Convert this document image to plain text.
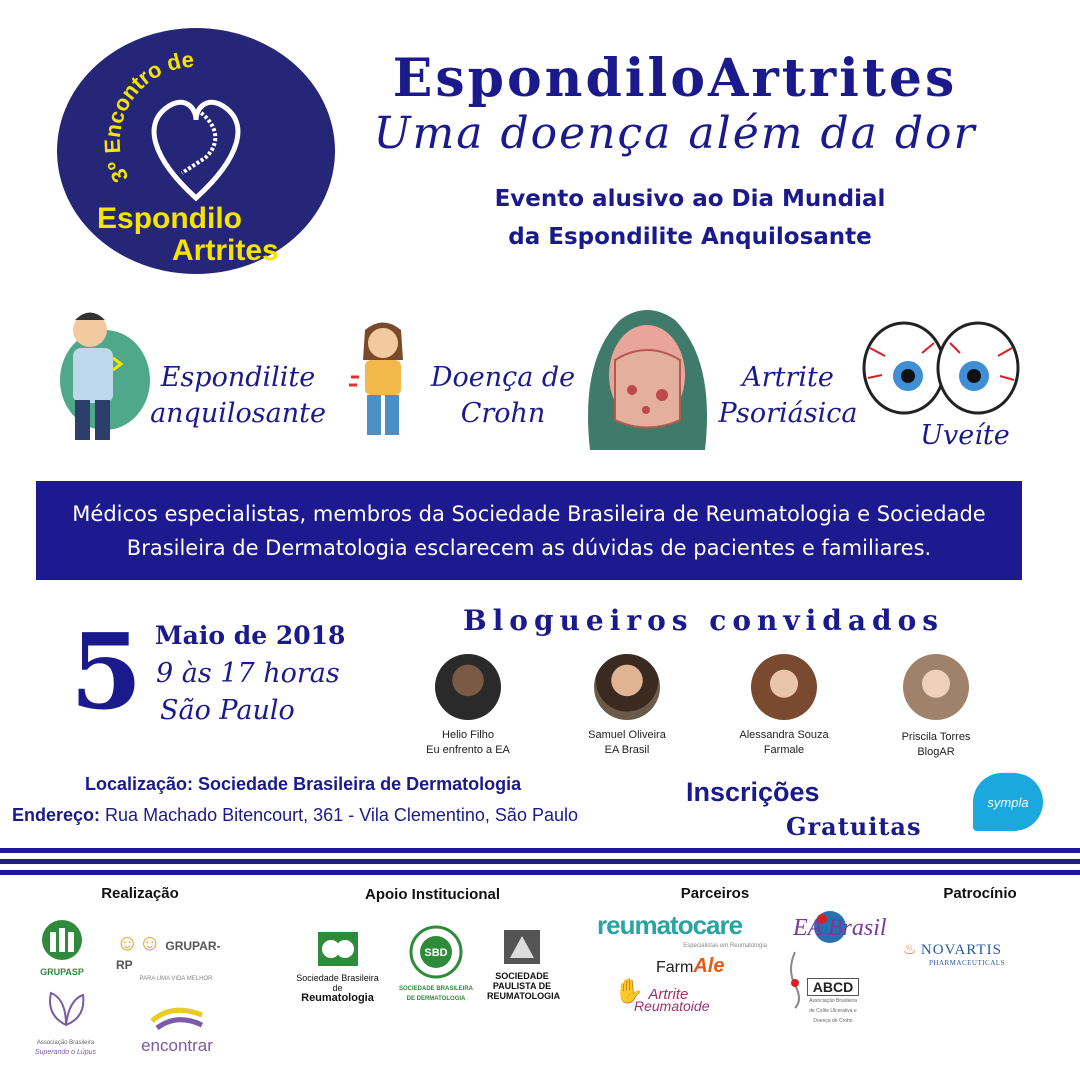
3º Encontro de
Espondilo
Artrites
EspondiloArtrites
Uma doença além da dor
Evento alusivo ao Dia Mundial
da Espondilite Anquilosante
Espondilite
anquilosante
Doença de
Crohn
Artrite
Psoriásica
Uveíte
Médicos especialistas, membros da Sociedade Brasileira de Reumatologia e Sociedade
Brasileira de Dermatologia esclarecem as dúvidas de pacientes e familiares.
5 Maio de 2018
9 às 17 horas
São Paulo
Blogueiros convidados
Helio Filho
Eu enfrento a EA
Samuel Oliveira
EA Brasil
Alessandra Souza
Farmale
Priscila Torres
BlogAR
Localização: Sociedade Brasileira de Dermatologia
Endereço: Rua Machado Bitencourt, 361 - Vila Clementino, São Paulo
Inscrições
Gratuitas
sympla
Realização	Apoio Institucional	Parceiros	Patrocínio
GRUPASP
☺☺ GRUPAR-RP
PARA UMA VIDA MELHOR
Associação Brasileira
Superando o Lúpus	encontrar
Sociedade Brasileira de
Reumatologia
SBD
SOCIEDADE BRASILEIRA
DE DERMATOLOGIA
SOCIEDADE
PAULISTA DE
REUMATOLOGIA
reumatocare
Especialistas em Reumatologia
FarmAle
✋ Artrite
Reumatoide
EA Brasil
ABCD
Associação Brasileira de Colite Ulcerativa e Doença de Crohn
♨ NOVARTIS
PHARMACEUTICALS
